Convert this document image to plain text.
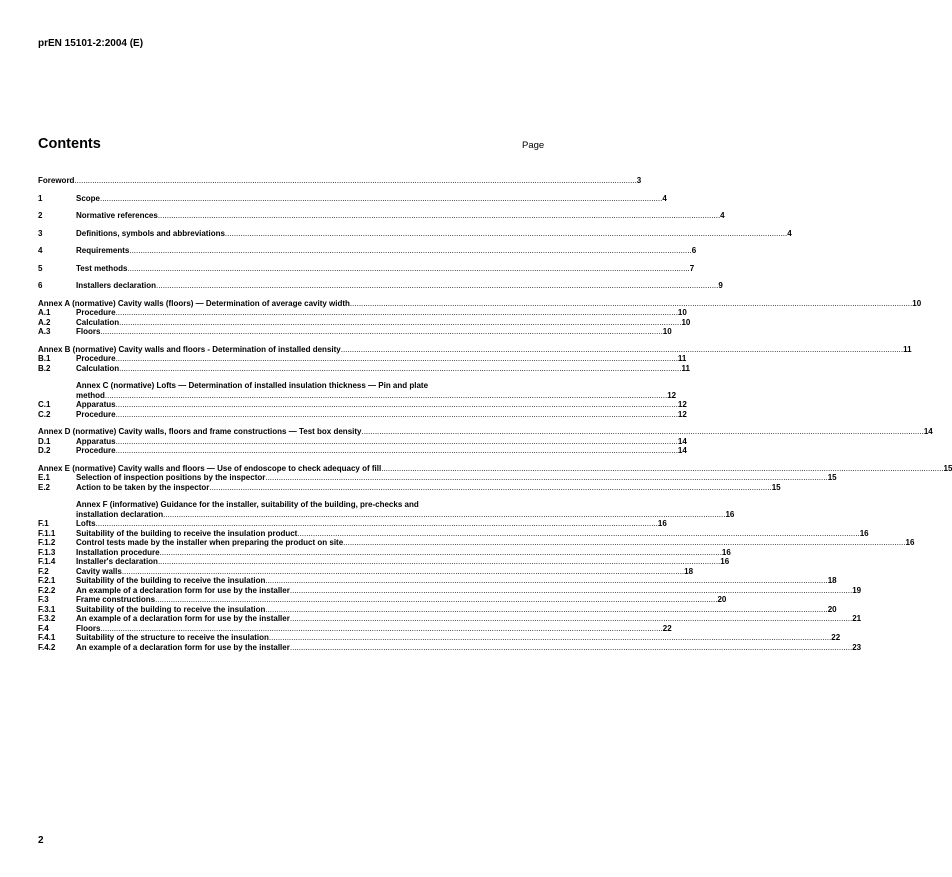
prEN 15101-2:2004 (E)
Contents	Page
Foreword .....	3
1	Scope .....	4
2	Normative references .....	4
3	Definitions, symbols and abbreviations .....	4
4	Requirements .....	6
5	Test methods .....	7
6	Installers declaration .....	9
Annex A (normative) Cavity walls (floors) — Determination of average cavity width .....	10
A.1	Procedure .....	10
A.2	Calculation .....	10
A.3	Floors .....	10
Annex B (normative) Cavity walls and floors - Determination of installed density .....	11
B.1	Procedure .....	11
B.2	Calculation .....	11
Annex C (normative) Lofts — Determination of installed insulation thickness — Pin and plate
method .....	12
C.1	Apparatus .....	12
C.2	Procedure .....	12
Annex D (normative) Cavity walls, floors and frame constructions — Test box density .....	14
D.1	Apparatus .....	14
D.2	Procedure .....	14
Annex E (normative) Cavity walls and floors — Use of endoscope to check adequacy of fill .....	15
E.1	Selection of inspection positions by the inspector .....	15
E.2	Action to be taken by the inspector .....	15
Annex F (informative) Guidance for the installer, suitability of the building, pre-checks and
installation declaration .....	16
F.1	Lofts .....	16
F.1.1	Suitability of the building to receive the insulation product .....	16
F.1.2	Control tests made by the installer when preparing the product on site .....	16
F.1.3	Installation procedure .....	16
F.1.4	Installer's declaration .....	16
F.2	Cavity walls .....	18
F.2.1	Suitability of the building to receive the insulation .....	18
F.2.2	An example of a declaration form for use by the installer .....	19
F.3	Frame constructions .....	20
F.3.1	Suitability of the building to receive the insulation .....	20
F.3.2	An example of a declaration form for use by the installer .....	21
F.4	Floors .....	22
F.4.1	Suitability of the structure to receive the insulation .....	22
F.4.2	An example of a declaration form for use by the installer .....	23
2
